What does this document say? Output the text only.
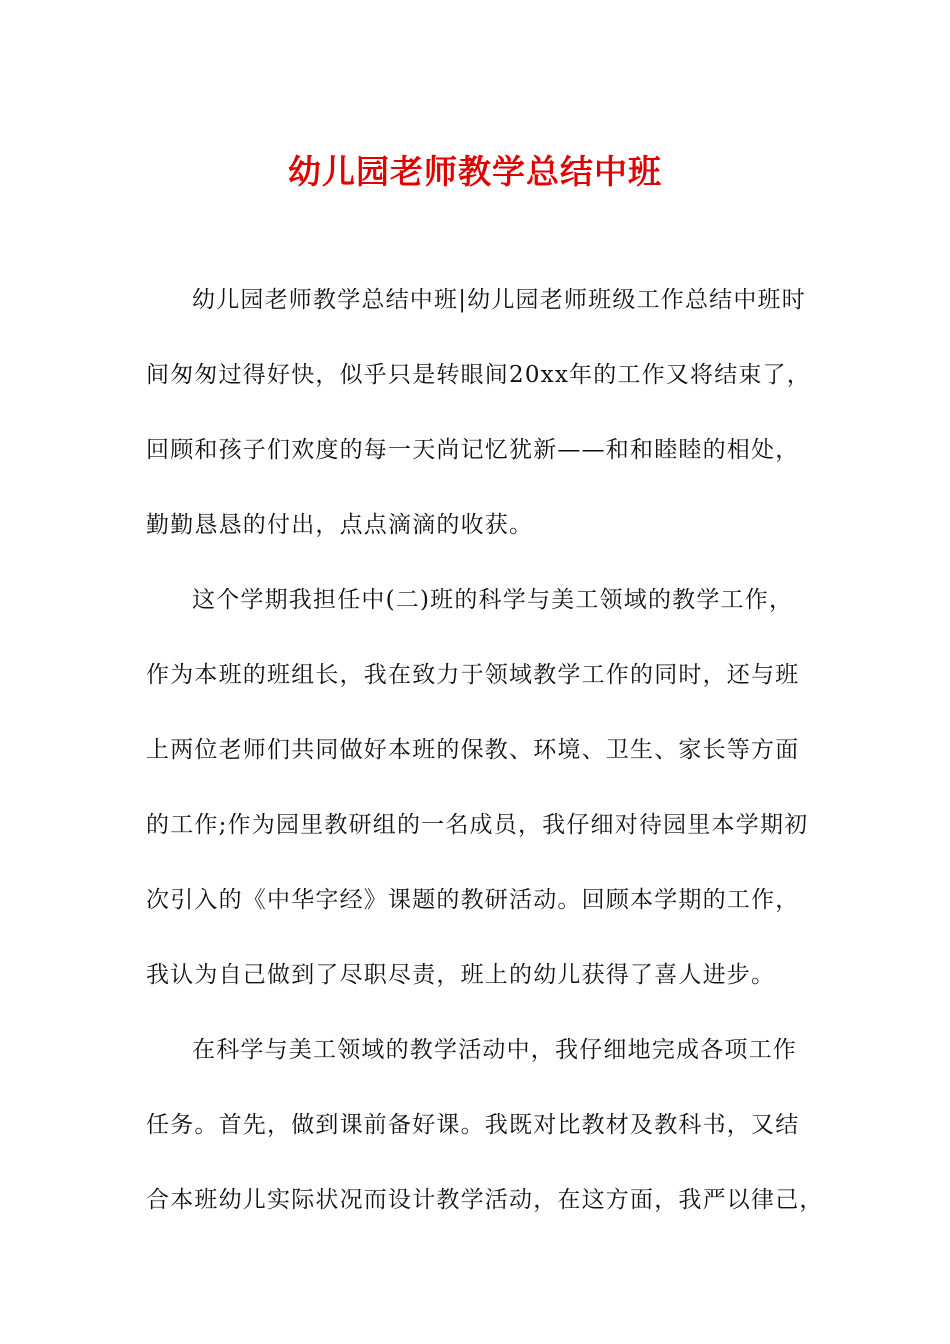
幼儿园老师教学总结中班
幼儿园老师教学总结中班|幼儿园老师班级工作总结中班时
间匆匆过得好快，似乎只是转眼间20xx年的工作又将结束了，
回顾和孩子们欢度的每一天尚记忆犹新——和和睦睦的相处，
勤勤恳恳的付出，点点滴滴的收获。
这个学期我担任中(二)班的科学与美工领域的教学工作，
作为本班的班组长，我在致力于领域教学工作的同时，还与班
上两位老师们共同做好本班的保教、环境、卫生、家长等方面
的工作;作为园里教研组的一名成员，我仔细对待园里本学期初
次引入的《中华字经》课题的教研活动。回顾本学期的工作，
我认为自己做到了尽职尽责，班上的幼儿获得了喜人进步。
在科学与美工领域的教学活动中，我仔细地完成各项工作
任务。首先，做到课前备好课。我既对比教材及教科书，又结
合本班幼儿实际状况而设计教学活动，在这方面，我严以律己，
